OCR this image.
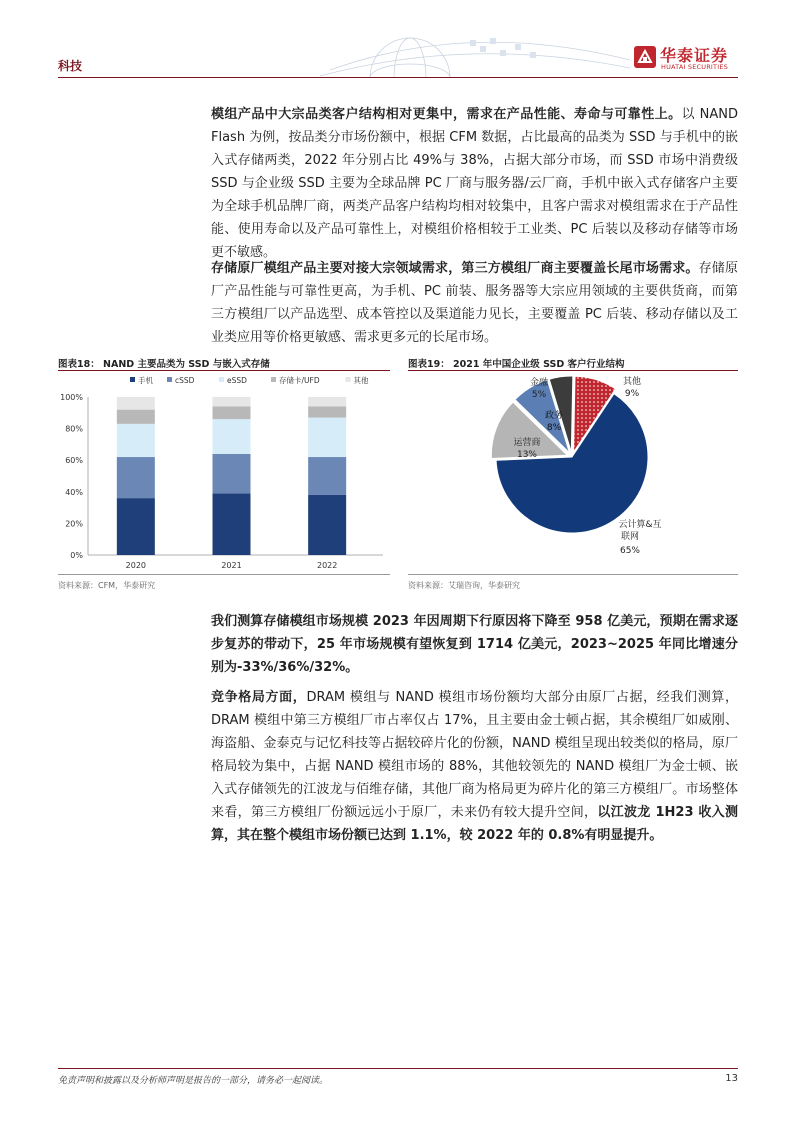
科技
华泰证券
HUATAI SECURITIES

模组产品中大宗品类客户结构相对更集中，需求在产品性能、寿命与可靠性上。以 NAND Flash 为例，按品类分市场份额中，根据 CFM 数据，占比最高的品类为 SSD 与手机中的嵌入式存储两类，2022 年分别占比 49%与 38%，占据大部分市场，而 SSD 市场中消费级 SSD 与企业级 SSD 主要为全球品牌 PC 厂商与服务器/云厂商，手机中嵌入式存储客户主要为全球手机品牌厂商，两类产品客户结构均相对较集中，且客户需求对模组需求在于产品性能、使用寿命以及产品可靠性上，对模组价格相较于工业类、PC 后装以及移动存储等市场更不敏感。

存储原厂模组产品主要对接大宗领域需求，第三方模组厂商主要覆盖长尾市场需求。存储原厂产品性能与可靠性更高，为手机、PC 前装、服务器等大宗应用领域的主要供货商，而第三方模组厂以产品选型、成本管控以及渠道能力见长，主要覆盖 PC 后装、移动存储以及工业类应用等价格更敏感、需求更多元的长尾市场。

图表18： NAND 主要品类为 SSD 与嵌入式存储
手机	cSSD	eSSD	存储卡/UFD	其他
0%
20%
40%
60%
80%
100%
2020	2021	2022
资料来源：CFM，华泰研究
图表19： 2021 年中国企业级 SSD 客户行业结构
其他
9%
金融
5%
政务
8%
运营商
13%
云计算&互
联网
65%
资料来源：艾瑞咨询，华泰研究

我们测算存储模组市场规模 2023 年因周期下行原因将下降至 958 亿美元，预期在需求逐步复苏的带动下，25 年市场规模有望恢复到 1714 亿美元，2023~2025 年同比增速分别为-33%/36%/32%。

竞争格局方面，DRAM 模组与 NAND 模组市场份额均大部分由原厂占据，经我们测算，DRAM 模组中第三方模组厂市占率仅占 17%，且主要由金士顿占据，其余模组厂如威刚、海盗船、金泰克与记忆科技等占据较碎片化的份额，NAND 模组呈现出较类似的格局，原厂格局较为集中，占据 NAND 模组市场的 88%，其他较领先的 NAND 模组厂为金士顿、嵌入式存储领先的江波龙与佰维存储，其他厂商为格局更为碎片化的第三方模组厂。市场整体来看，第三方模组厂份额远远小于原厂，未来仍有较大提升空间，以江波龙 1H23 收入测算，其在整个模组市场份额已达到 1.1%，较 2022 年的 0.8%有明显提升。

免责声明和披露以及分析师声明是报告的一部分，请务必一起阅读。	13
